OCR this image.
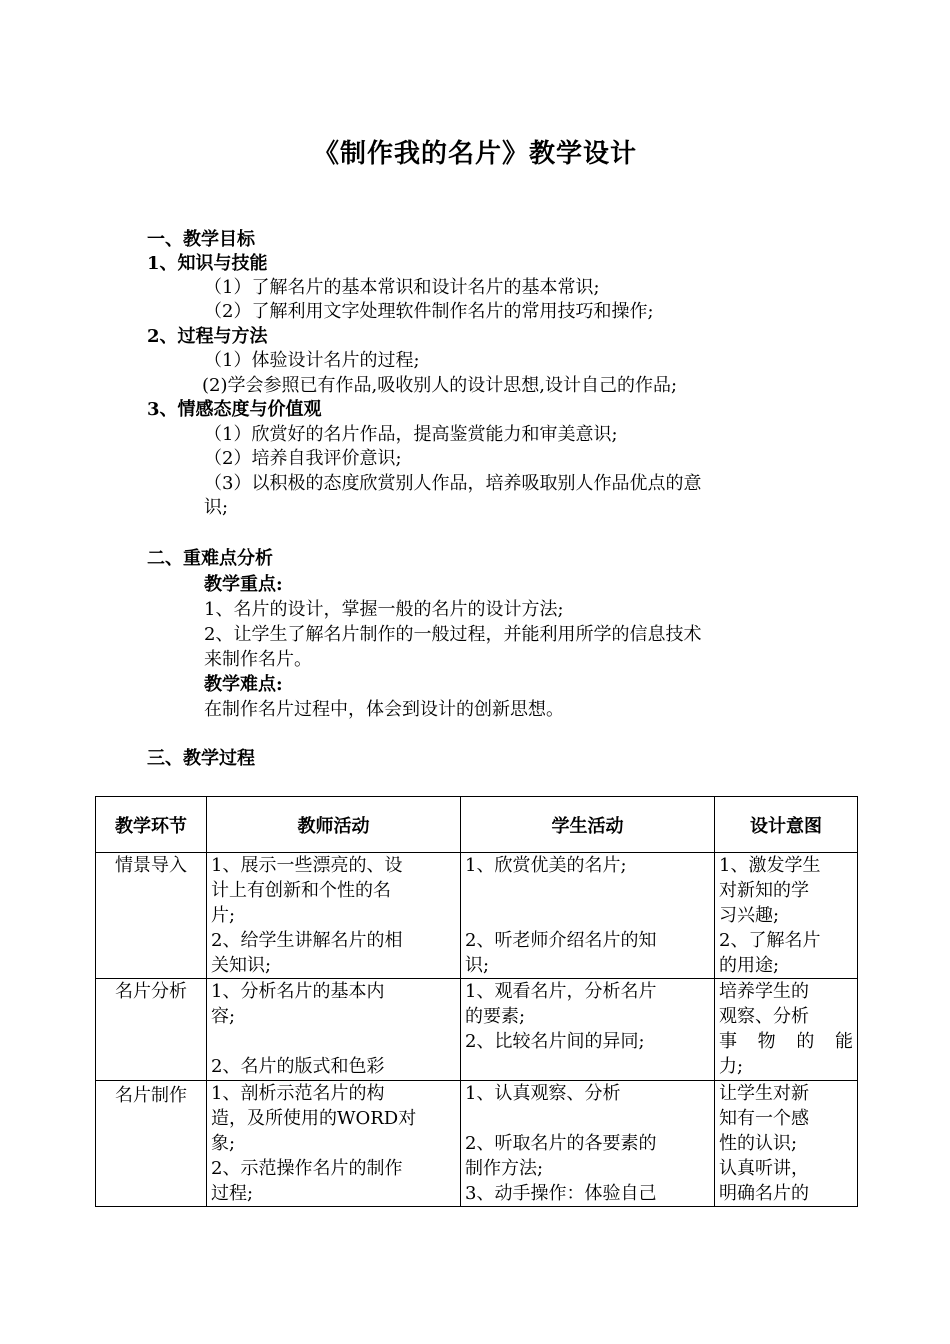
《制作我的名片》教学设计
一、教学目标
1、知识与技能
（1）了解名片的基本常识和设计名片的基本常识;
（2）了解利用文字处理软件制作名片的常用技巧和操作;
2、过程与方法
（1）体验设计名片的过程;
(2)学会参照已有作品,吸收别人的设计思想,设计自己的作品;
3、情感态度与价值观
（1）欣赏好的名片作品，提高鉴赏能力和审美意识;
（2）培养自我评价意识;
（3）以积极的态度欣赏别人作品，培养吸取别人作品优点的意
识;
二、重难点分析
教学重点:
1、名片的设计，掌握一般的名片的设计方法;
2、让学生了解名片制作的一般过程，并能利用所学的信息技术
来制作名片。
教学难点:
在制作名片过程中，体会到设计的创新思想。
三、教学过程
教学环节	教师活动	学生活动	设计意图
情景导入	1、展示一些漂亮的、设
计上有创新和个性的名
片;
2、给学生讲解名片的相
关知识;	1、欣赏优美的名片;
2、听老师介绍名片的知
识;	1、激发学生
对新知的学
习兴趣;
2、了解名片
的用途;

名片分析	1、分析名片的基本内
容;
2、名片的版式和色彩	1、观看名片，分析名片
的要素;
2、比较名片间的异同;	培养学生的
观察、分析
事物的能
力;

名片制作	1、剖析示范名片的构
造，及所使用的WORD对
象;
2、示范操作名片的制作
过程;	1、认真观察、分析
2、听取名片的各要素的
制作方法;
3、动手操作：体验自己	让学生对新
知有一个感
性的认识;
认真听讲，
明确名片的
